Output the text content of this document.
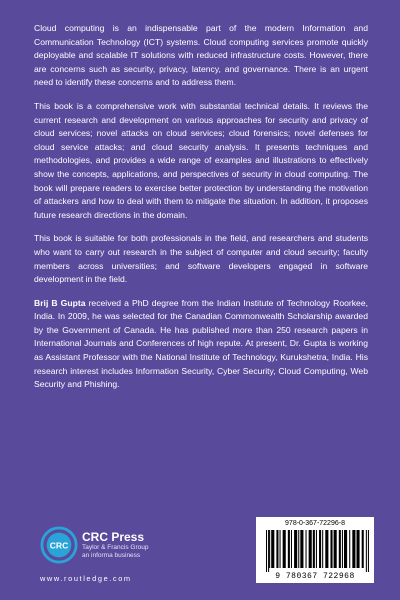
Cloud computing is an indispensable part of the modern Information and Communication Technology (ICT) systems. Cloud computing services promote quickly deployable and scalable IT solutions with reduced infrastructure costs. However, there are concerns such as security, privacy, latency, and governance. There is an urgent need to identify these concerns and to address them.

This book is a comprehensive work with substantial technical details. It reviews the current research and development on various approaches for security and privacy of cloud services; novel attacks on cloud services; cloud forensics; novel defenses for cloud service attacks; and cloud security analysis. It presents techniques and methodologies, and provides a wide range of examples and illustrations to effectively show the concepts, applications, and perspectives of security in cloud computing. The book will prepare readers to exercise better protection by understanding the motivation of attackers and how to deal with them to mitigate the situation. In addition, it proposes future research directions in the domain.

This book is suitable for both professionals in the field, and researchers and students who want to carry out research in the subject of computer and cloud security; faculty members across universities; and software developers engaged in software development in the field.

Brij B Gupta received a PhD degree from the Indian Institute of Technology Roorkee, India. In 2009, he was selected for the Canadian Commonwealth Scholarship awarded by the Government of Canada. He has published more than 250 research papers in International Journals and Conferences of high repute. At present, Dr. Gupta is working as Assistant Professor with the National Institute of Technology, Kurukshetra, India. His research interest includes Information Security, Cyber Security, Cloud Computing, Web Security and Phishing.

CRC
CRC Press
Taylor & Francis Group
an informa business
www.routledge.com
978-0-367-72296-8
9 780367 722968
